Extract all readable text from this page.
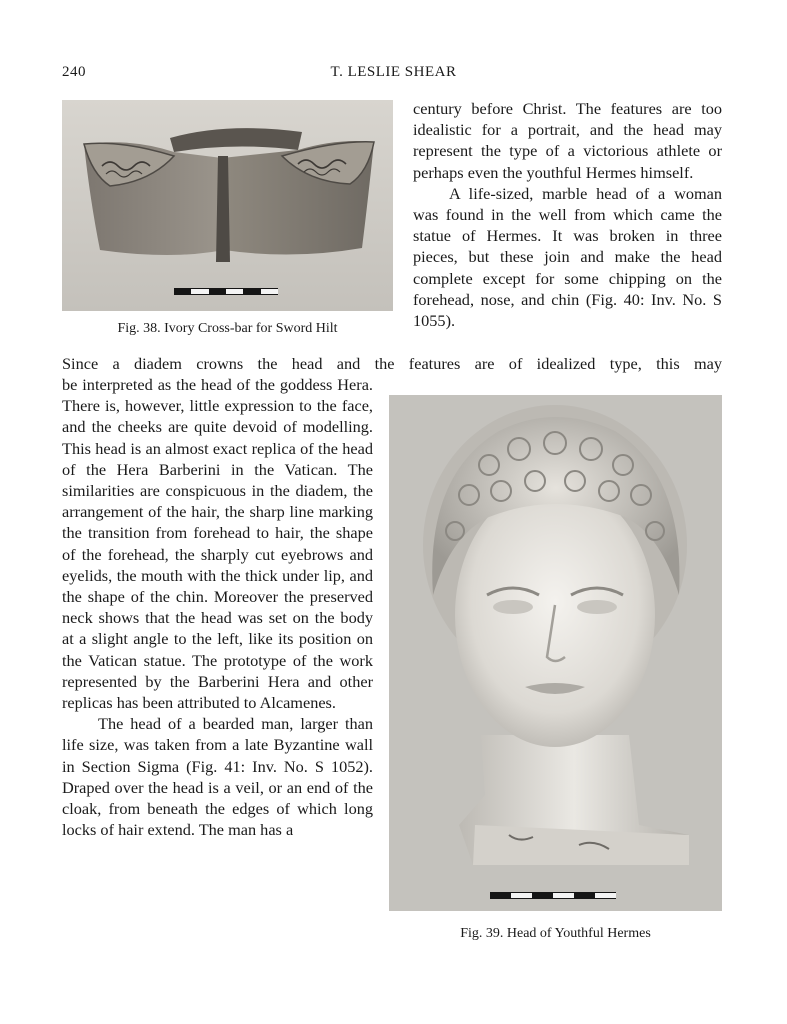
240	T. LESLIE SHEAR
Fig. 38. Ivory Cross-bar for Sword Hilt

century before Christ. The features are too idealistic for a portrait, and the head may represent the type of a victorious athlete or perhaps even the youthful Hermes himself.

A life-sized, marble head of a woman was found in the well from which came the statue of Hermes. It was broken in three pieces, but these join and make the head complete except for some chipping on the forehead, nose, and chin (Fig. 40: Inv. No. S 1055).

Since a diadem crowns the head and the features are of idealized type, this may

be interpreted as the head of the goddess Hera. There is, however, little expression to the face, and the cheeks are quite devoid of modelling. This head is an almost exact replica of the head of the Hera Barberini in the Vatican. The similarities are conspicuous in the diadem, the arrangement of the hair, the sharp line marking the transition from forehead to hair, the shape of the forehead, the sharply cut eyebrows and eyelids, the mouth with the thick under lip, and the shape of the chin. Moreover the preserved neck shows that the head was set on the body at a slight angle to the left, like its position on the Vatican statue. The prototype of the work represented by the Barberini Hera and other replicas has been attributed to Alcamenes.

The head of a bearded man, larger than life size, was taken from a late Byzantine wall in Section Sigma (Fig. 41: Inv. No. S 1052). Draped over the head is a veil, or an end of the cloak, from beneath the edges of which long locks of hair extend. The man has a

Fig. 39. Head of Youthful Hermes
